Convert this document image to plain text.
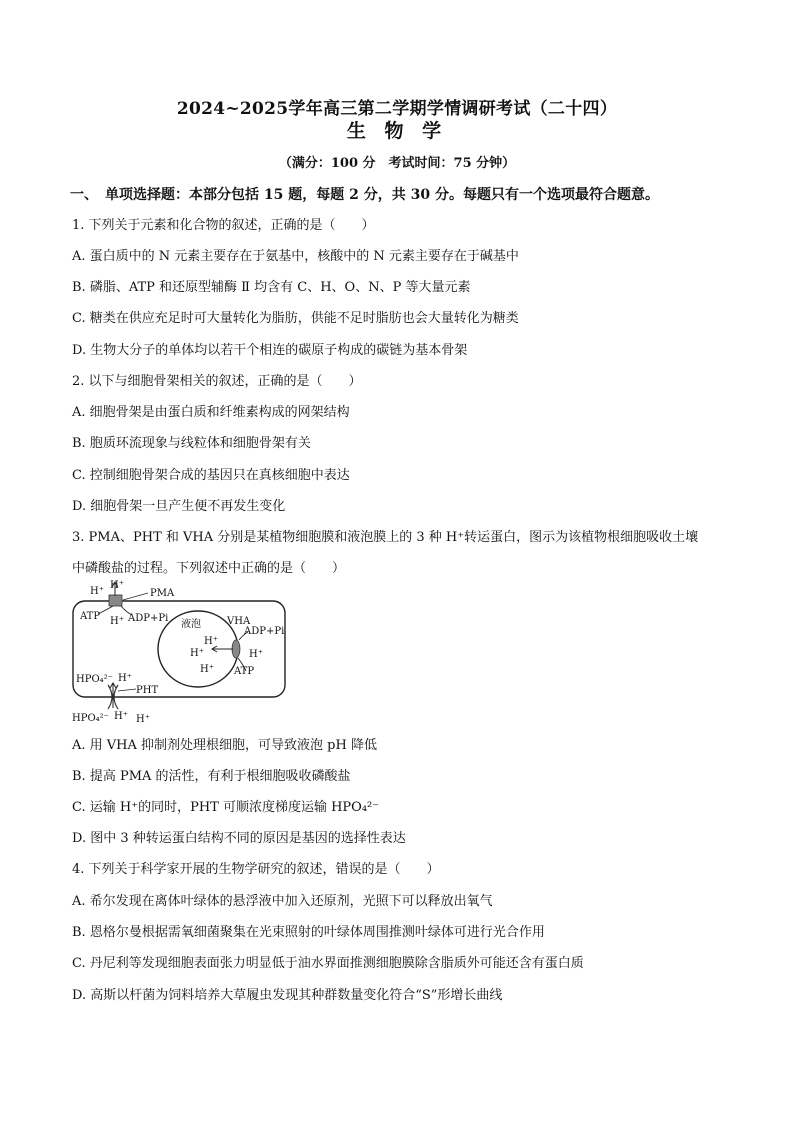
2024~2025学年高三第二学期学情调研考试（二十四）
生 物 学
（满分：100 分　考试时间：75 分钟）
一、　单项选择题：本部分包括 15 题，每题 2 分，共 30 分。每题只有一个选项最符合题意。
1. 下列关于元素和化合物的叙述，正确的是（　　）
A. 蛋白质中的 N 元素主要存在于氨基中，核酸中的 N 元素主要存在于碱基中
B. 磷脂、ATP 和还原型辅酶 Ⅱ 均含有 C、H、O、N、P 等大量元素
C. 糖类在供应充足时可大量转化为脂肪，供能不足时脂肪也会大量转化为糖类
D. 生物大分子的单体均以若干个相连的碳原子构成的碳链为基本骨架
2. 以下与细胞骨架相关的叙述，正确的是（　　）
A. 细胞骨架是由蛋白质和纤维素构成的网架结构
B. 胞质环流现象与线粒体和细胞骨架有关
C. 控制细胞骨架合成的基因只在真核细胞中表达
D. 细胞骨架一旦产生便不再发生变化
3. PMA、PHT 和 VHA 分别是某植物细胞膜和液泡膜上的 3 种 H⁺转运蛋白，图示为该植物根细胞吸收土壤
中磷酸盐的过程。下列叙述中正确的是（　　）
H⁺
H⁺	PMA
ATP H⁺ ADP+Pi
液泡	VHA
ADP+Pi
H⁺
H⁺
H⁺
H⁺
ATP
HPO₄²⁻ H⁺
PHT
HPO₄²⁻ H⁺ H⁺
A. 用 VHA 抑制剂处理根细胞，可导致液泡 pH 降低
B. 提高 PMA 的活性，有利于根细胞吸收磷酸盐
C. 运输 H⁺的同时，PHT 可顺浓度梯度运输 HPO₄²⁻
D. 图中 3 种转运蛋白结构不同的原因是基因的选择性表达
4. 下列关于科学家开展的生物学研究的叙述，错误的是（　　）
A. 希尔发现在离体叶绿体的悬浮液中加入还原剂，光照下可以释放出氧气
B. 恩格尔曼根据需氧细菌聚集在光束照射的叶绿体周围推测叶绿体可进行光合作用
C. 丹尼利等发现细胞表面张力明显低于油水界面推测细胞膜除含脂质外可能还含有蛋白质
D. 高斯以杆菌为饲料培养大草履虫发现其种群数量变化符合“S”形增长曲线
